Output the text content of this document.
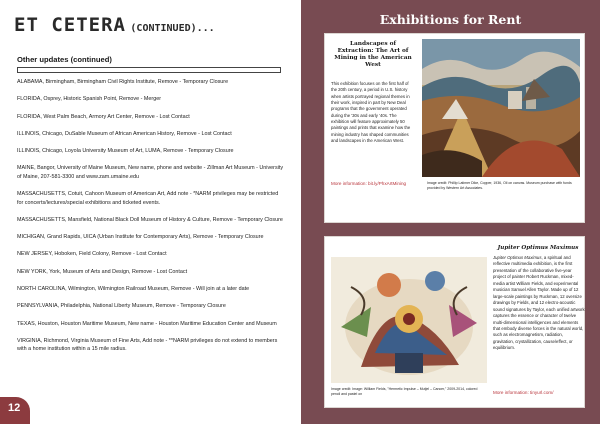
ET CETERA (CONTINUED)...
Other updates (continued)

ALABAMA, Birmingham, Birmingham Civil Rights Institute, Remove - Temporary Closure

FLORIDA, Osprey, Historic Spanish Point, Remove - Merger

FLORIDA, West Palm Beach, Armory Art Center, Remove - Lost Contact

ILLINOIS, Chicago, DuSable Museum of African American History, Remove - Lost Contact

ILLINOIS, Chicago, Loyola University Museum of Art, LUMA, Remove - Temporary Closure

MAINE, Bangor, University of Maine Museum, New name, phone and website - Zillman Art Museum - University of Maine, 207-581-3300 and www.zam.umaine.edu

MASSACHUSETTS, Cotuit, Cahoon Museum of American Art, Add note - *NARM privileges may be restricted for concerts/lectures/special exhibitions and ticketed events.

MASSACHUSETTS, Mansfield, National Black Doll Museum of History & Culture, Remove - Temporary Closure

MICHIGAN, Grand Rapids, UICA (Urban Institute for Contemporary Arts), Remove - Temporary Closure

NEW JERSEY, Hoboken, Field Colony, Remove - Lost Contact

NEW YORK, York, Museum of Arts and Design, Remove - Lost Contact

NORTH CAROLINA, Wilmington, Wilmington Railroad Museum, Remove - Will join at a later date

PENNSYLVANIA, Philadelphia, National Liberty Museum, Remove - Temporary Closure

TEXAS, Houston, Houston Maritime Museum, New name - Houston Maritime Education Center and Museum

VIRGINIA, Richmond, Virginia Museum of Fine Arts, Add note - **NARM privileges do not extend to members with a home institution within a 15 mile radius.

12
Exhibitions for Rent
Landscapes of Extraction: The Art of Mining in the American West
This exhibition focuses on the first half of the 20th century, a period in U.S. history when artists portrayed regional themes in their work, inspired in part by New Deal programs that the government operated during the '30s and early '40s. The exhibition will feature approximately 50 paintings and prints that examine how the mining industry has shaped communities and landscapes in the American West.
More information: bit.ly/PhxArtMining	Image credit: Phillip Latimer Dike, Copper, 1936, Oil on canvas. Museum purchase with funds provided by Western Art Associates.
Image credit: Image: William Fields, "Hermetic Impulse – Mutjel – Cancer," 2009-2014, colored pencil and pastel on
Jupiter Optimus Maximus
Jupiter Optimus Maximus, a spiritual and reflective multimedia exhibition, is the first presentation of the collaborative five-year project of painter Robert Ruckman, mixed-media artist William Fields, and experimental musician Samuel Allen Taylor. Made up of 12 large-scale paintings by Ruckman, 12 oversize drawings by Fields, and 12 electro-acoustic sound signatures by Taylor, each unified artwork captures the essence or character of twelve multi-dimensional intelligences and elements that embody diverse forces in the natural world, such as electromagnetism, radiation, gravitation, crystallization, cause/effect, or equilibrium.
More information: tinyurl.com/
